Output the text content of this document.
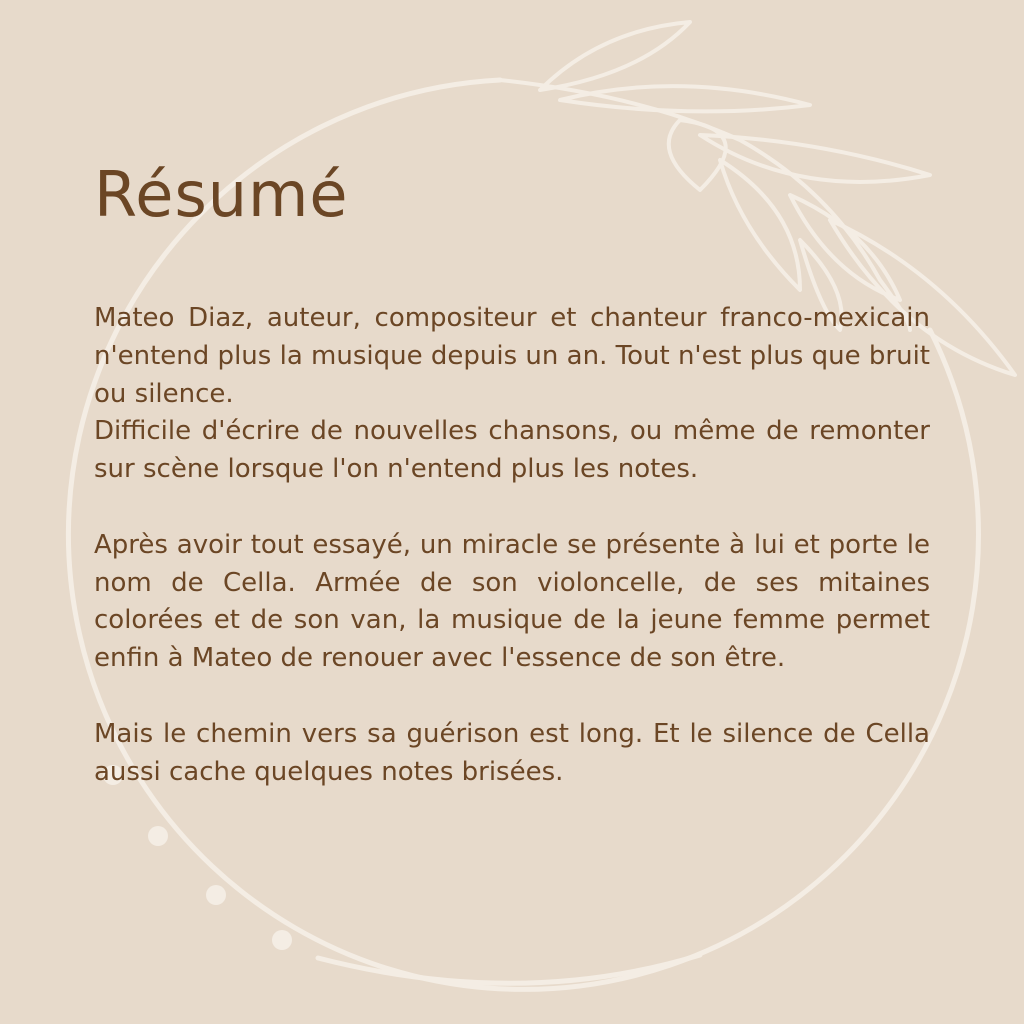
Résumé

Mateo Diaz, auteur, compositeur et chanteur franco-mexicain n'entend plus la musique depuis un an. Tout n'est plus que bruit ou silence.

Difficile d'écrire de nouvelles chansons, ou même de remonter sur scène lorsque l'on n'entend plus les notes.

Après avoir tout essayé, un miracle se présente à lui et porte le nom de Cella. Armée de son violoncelle, de ses mitaines colorées et de son van, la musique de la jeune femme permet enfin à Mateo de renouer avec l'essence de son être.

Mais le chemin vers sa guérison est long. Et le silence de Cella aussi cache quelques notes brisées.
